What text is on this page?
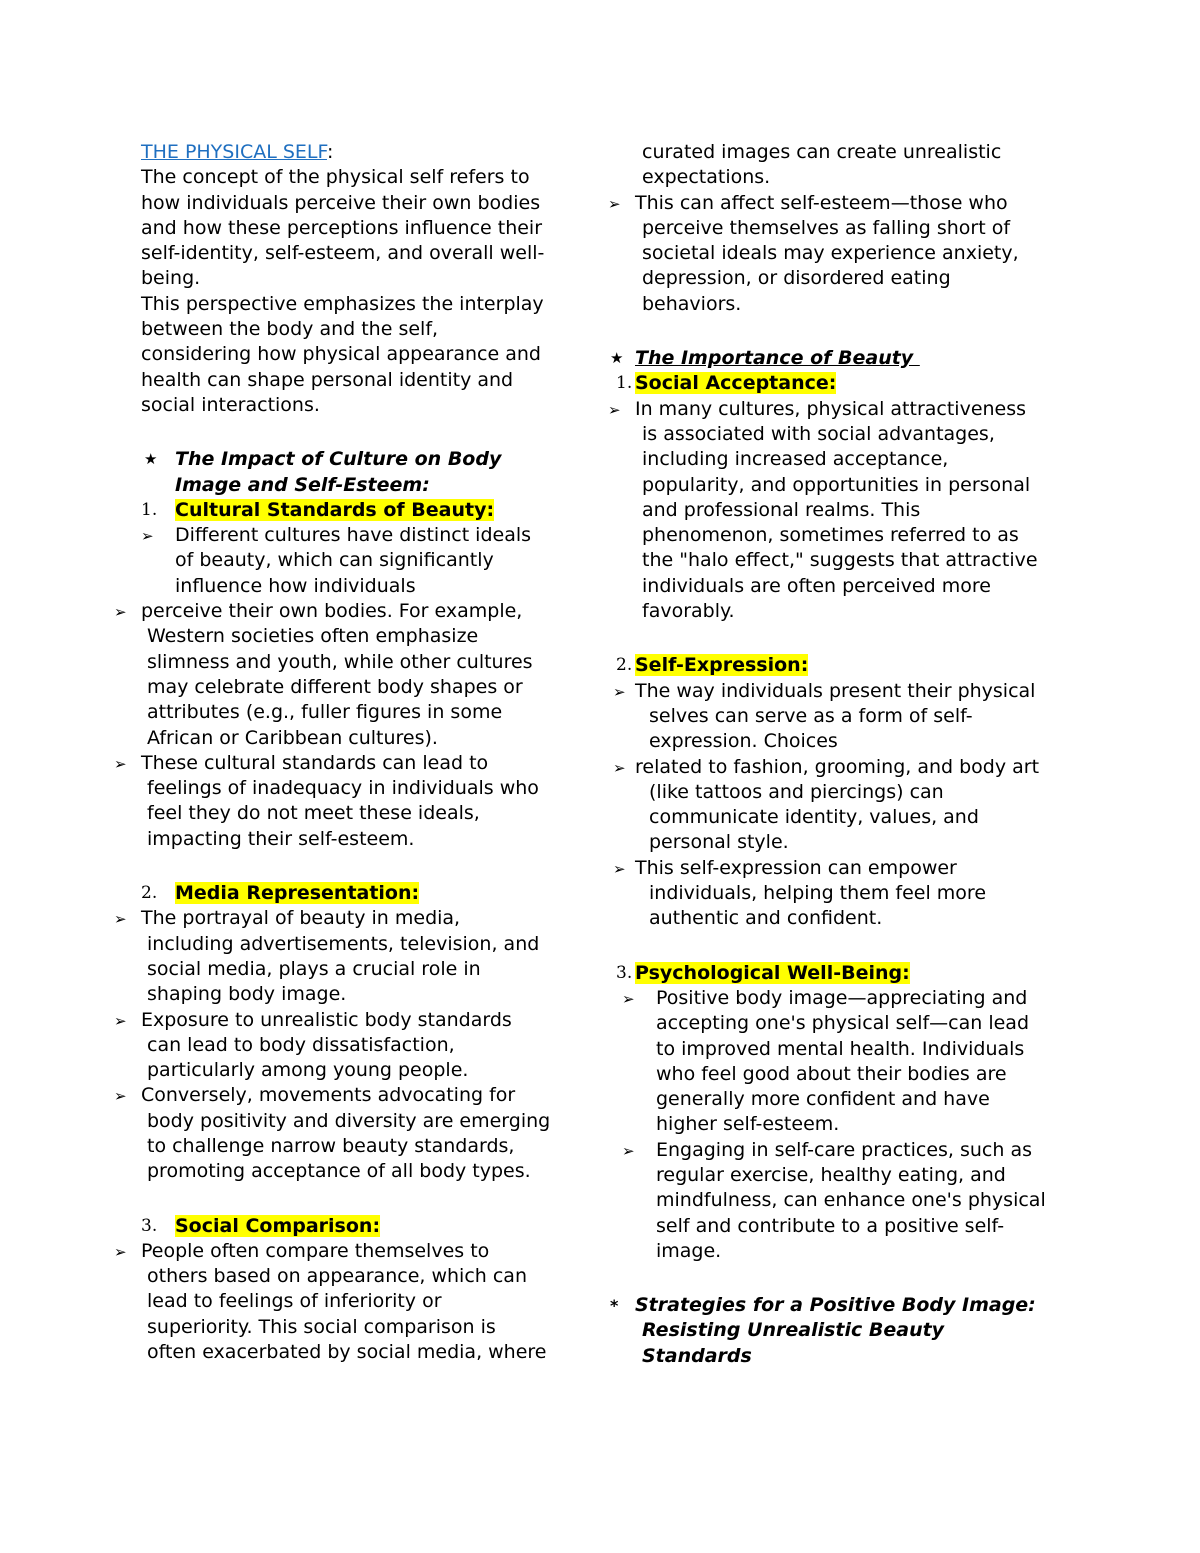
THE PHYSICAL SELF:
The concept of the physical self refers to
how individuals perceive their own bodies
and how these perceptions influence their
self-identity, self-esteem, and overall well-
being.
This perspective emphasizes the interplay
between the body and the self,
considering how physical appearance and
health can shape personal identity and
social interactions.
★ The Impact of Culture on Body
Image and Self-Esteem:
1. Cultural Standards of Beauty:
➢ Different cultures have distinct ideals
of beauty, which can significantly
influence how individuals
➢ perceive their own bodies. For example,
Western societies often emphasize
slimness and youth, while other cultures
may celebrate different body shapes or
attributes (e.g., fuller figures in some
African or Caribbean cultures).
➢ These cultural standards can lead to
feelings of inadequacy in individuals who
feel they do not meet these ideals,
impacting their self-esteem.
2. Media Representation:
➢ The portrayal of beauty in media,
including advertisements, television, and
social media, plays a crucial role in
shaping body image.
➢ Exposure to unrealistic body standards
can lead to body dissatisfaction,
particularly among young people.
➢ Conversely, movements advocating for
body positivity and diversity are emerging
to challenge narrow beauty standards,
promoting acceptance of all body types.
3. Social Comparison:
➢ People often compare themselves to
others based on appearance, which can
lead to feelings of inferiority or
superiority. This social comparison is
often exacerbated by social media, where
curated images can create unrealistic
expectations.
➢ This can affect self-esteem—those who
perceive themselves as falling short of
societal ideals may experience anxiety,
depression, or disordered eating
behaviors.
★ The Importance of Beauty
1. Social Acceptance:
➢ In many cultures, physical attractiveness
is associated with social advantages,
including increased acceptance,
popularity, and opportunities in personal
and professional realms. This
phenomenon, sometimes referred to as
the "halo effect," suggests that attractive
individuals are often perceived more
favorably.
2. Self-Expression:
➢ The way individuals present their physical
selves can serve as a form of self-
expression. Choices
➢ related to fashion, grooming, and body art
(like tattoos and piercings) can
communicate identity, values, and
personal style.
➢ This self-expression can empower
individuals, helping them feel more
authentic and confident.
3. Psychological Well-Being:
➢ Positive body image—appreciating and
accepting one's physical self—can lead
to improved mental health. Individuals
who feel good about their bodies are
generally more confident and have
higher self-esteem.
➢ Engaging in self-care practices, such as
regular exercise, healthy eating, and
mindfulness, can enhance one's physical
self and contribute to a positive self-
image.
* Strategies for a Positive Body Image:
Resisting Unrealistic Beauty
Standards
